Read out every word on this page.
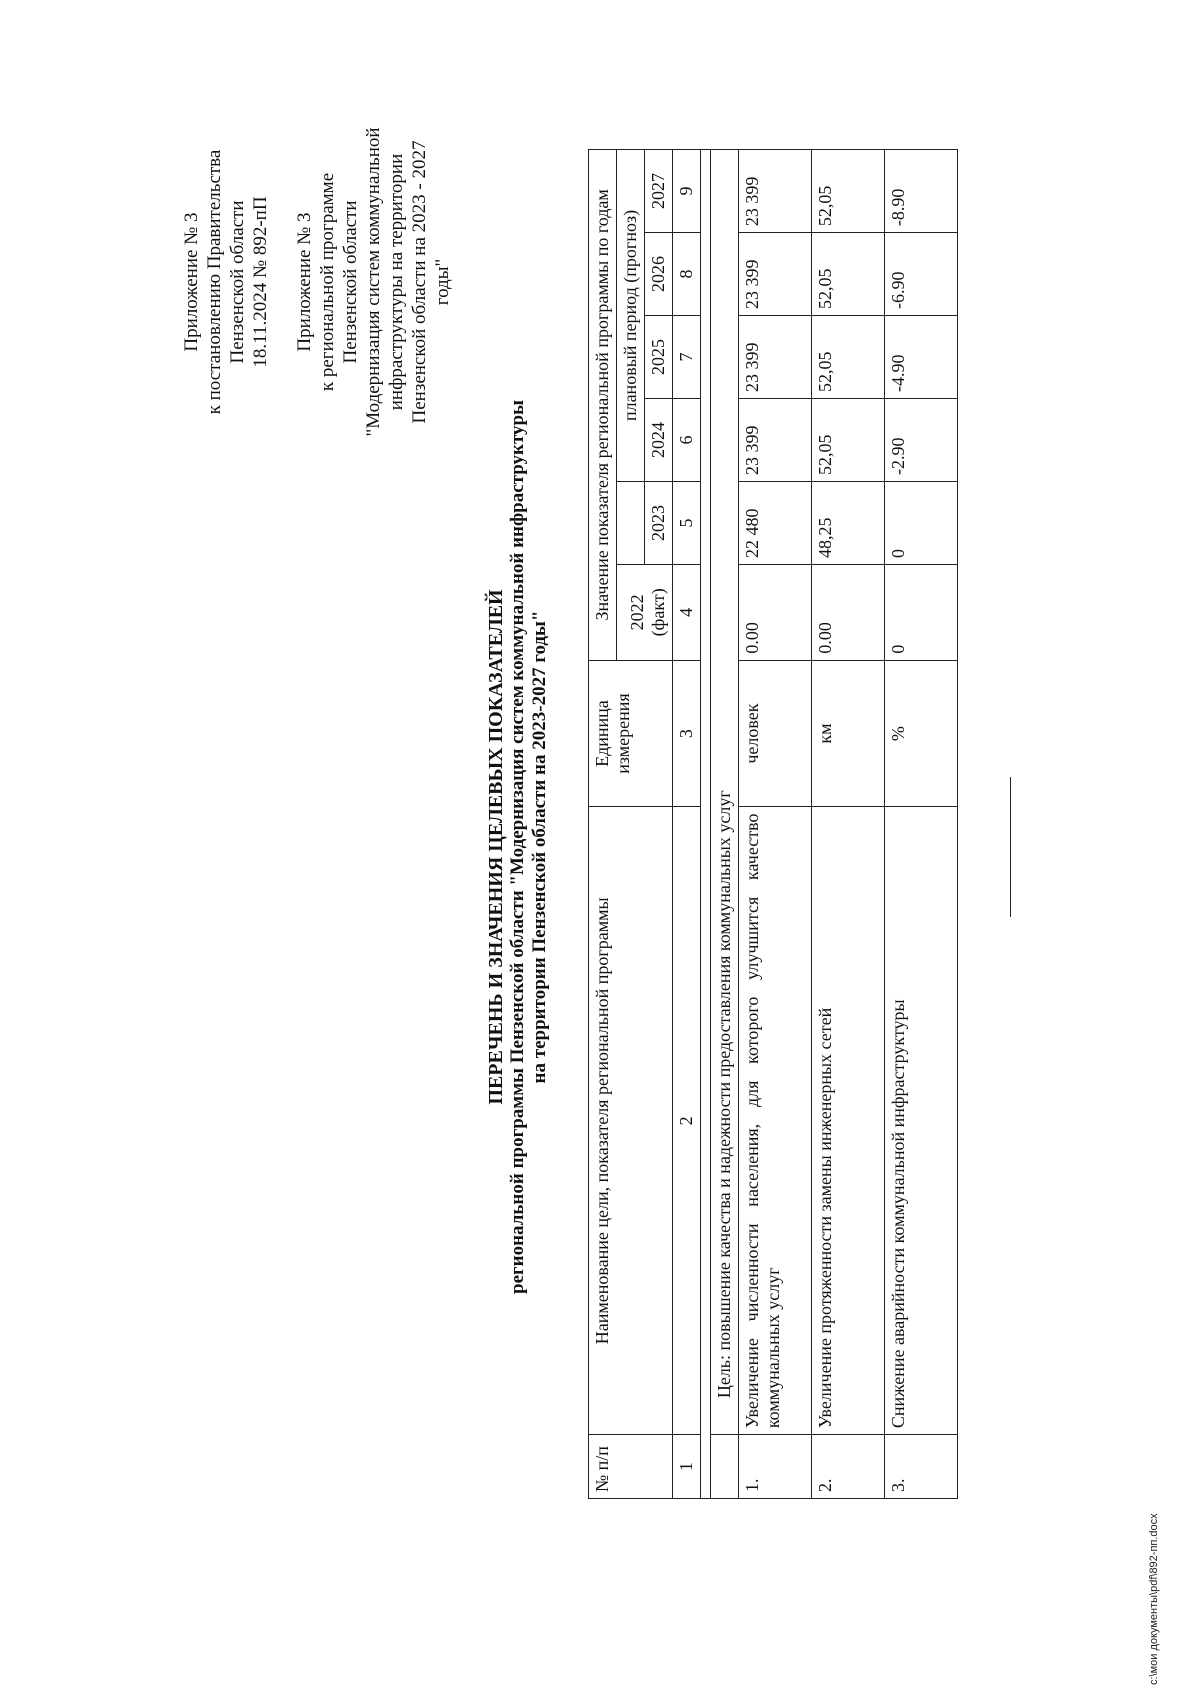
Приложение № 3 к постановлению Правительства Пензенской области 18.11.2024 № 892-пП Приложение № 3 к региональной программе Пензенской области "Модернизация систем коммунальной инфраструктуры на территории Пензенской области на 2023 - 2027 годы"
ПЕРЕЧЕНЬ И ЗНАЧЕНИЯ ЦЕЛЕВЫХ ПОКАЗАТЕЛЕЙ региональной программы Пензенской области "Модернизация систем коммунальной инфраструктуры на территории Пензенской области на 2023-2027 годы"
№ п/п	Наименование цели, показателя региональной программы	Единица измерения	Значение показателя региональной программы по годам					
			2022 (факт)		плановый период (прогноз)			
				2023	2024	2025	2026	2027
1	2	3	4	5	6	7	8	9

	Цель: повышение качества и надежности предоставления коммунальных услуг							
1.	Увеличение численности населения, для которого улучшится качество коммунальных услуг	человек	0.00	22 480	23 399	23 399	23 399	23 399
2.	Увеличение протяженности замены инженерных сетей	км	0.00	48,25	52,05	52,05	52,05	52,05
3.	Снижение аварийности коммунальной инфраструктуры	%	0	0	-2.90	-4.90	-6.90	-8.90
c:\мои документы\pdf\892-пп.docx
